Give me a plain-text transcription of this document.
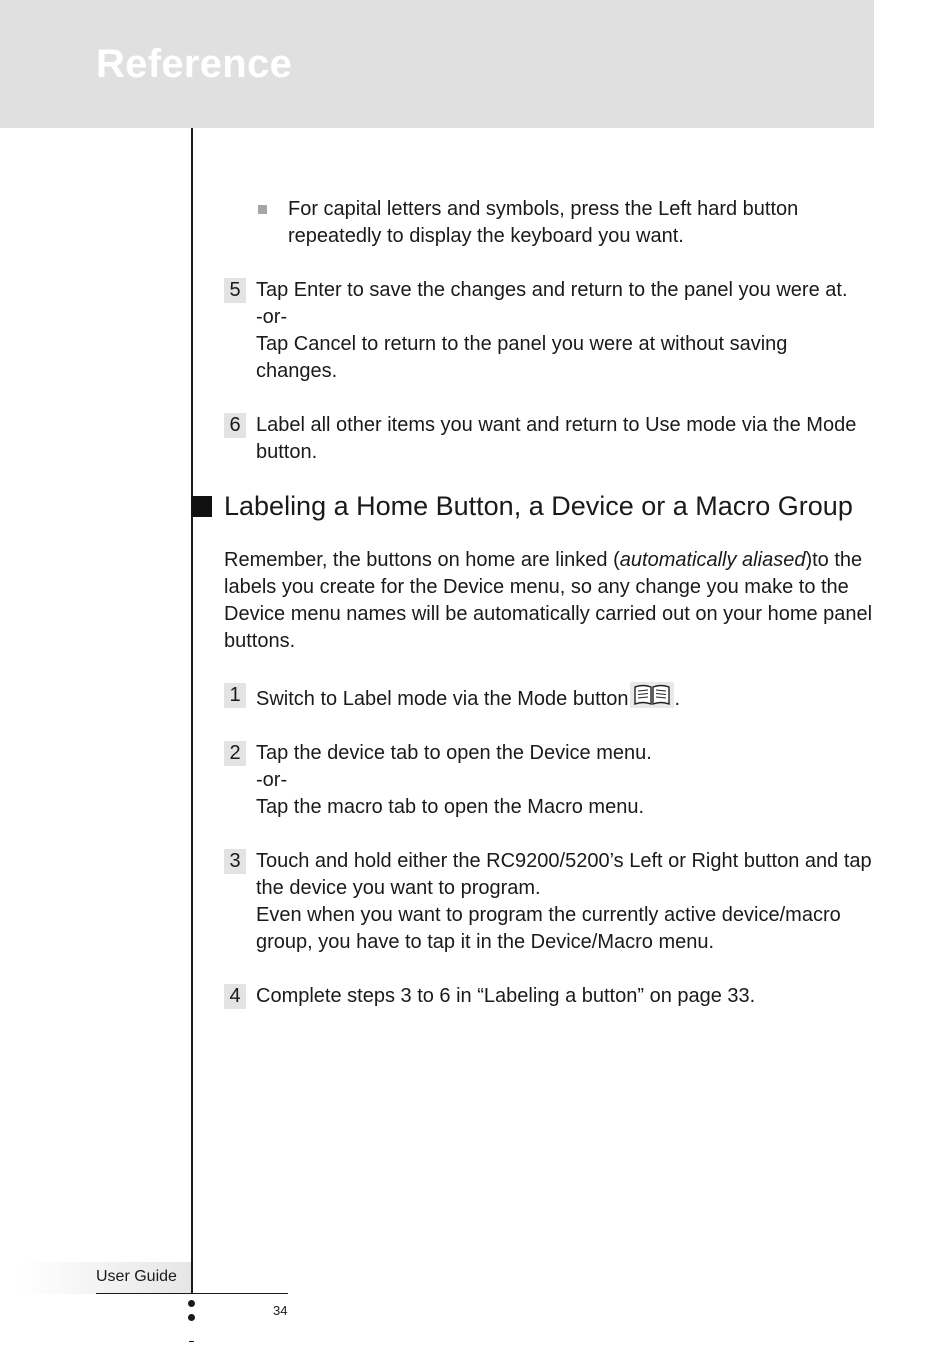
Reference

For capital letters and symbols, press the Left hard button repeatedly to display the keyboard you want.

5 Tap Enter to save the changes and return to the panel you were at.

-or-

Tap Cancel to return to the panel you were at without saving changes.

6 Label all other items you want and return to Use mode via the Mode button.

Labeling a Home Button, a Device or a Macro Group

Remember, the buttons on home are linked (automatically aliased)to the labels you create for the Device menu, so any change you make to the Device menu names will be automatically carried out on your home panel buttons.

1 Switch to Label mode via the Mode button .

2 Tap the device tab to open the Device menu.

-or-

Tap the macro tab to open the Macro menu.

3 Touch and hold either the RC9200/5200’s Left or Right button and tap the device you want to program.

Even when you want to program the currently active device/macro group, you have to tap it in the Device/Macro menu.

4 Complete steps 3 to 6 in “Labeling a button” on page 33.

User Guide
34
